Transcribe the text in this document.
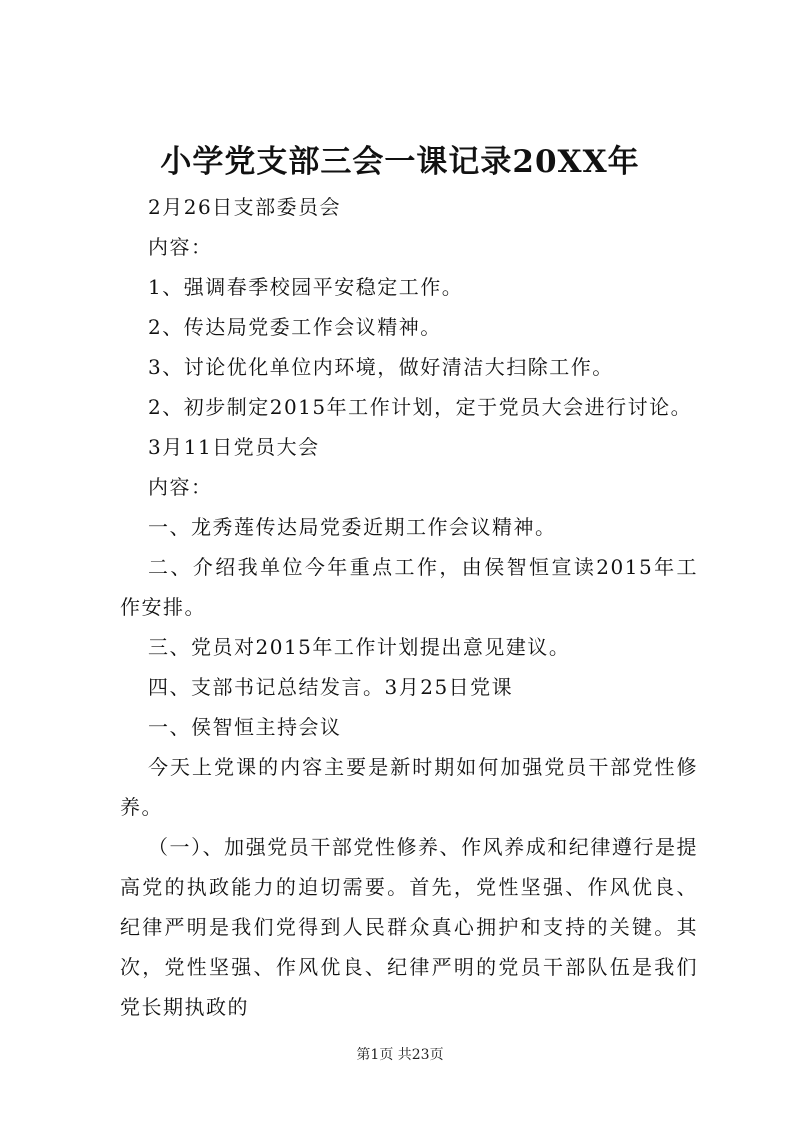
小学党支部三会一课记录20XX年

2月26日支部委员会

内容：

1、强调春季校园平安稳定工作。

2、传达局党委工作会议精神。

3、讨论优化单位内环境，做好清洁大扫除工作。

2、初步制定2015年工作计划，定于党员大会进行讨论。

3月11日党员大会

内容：

一、龙秀莲传达局党委近期工作会议精神。

二、介绍我单位今年重点工作，由侯智恒宣读2015年工作安排。

三、党员对2015年工作计划提出意见建议。

四、支部书记总结发言。3月25日党课

一、侯智恒主持会议

今天上党课的内容主要是新时期如何加强党员干部党性修养。

（一）、加强党员干部党性修养、作风养成和纪律遵行是提高党的执政能力的迫切需要。首先，党性坚强、作风优良、纪律严明是我们党得到人民群众真心拥护和支持的关键。其次，党性坚强、作风优良、纪律严明的党员干部队伍是我们党长期执政的

第1页 共23页
